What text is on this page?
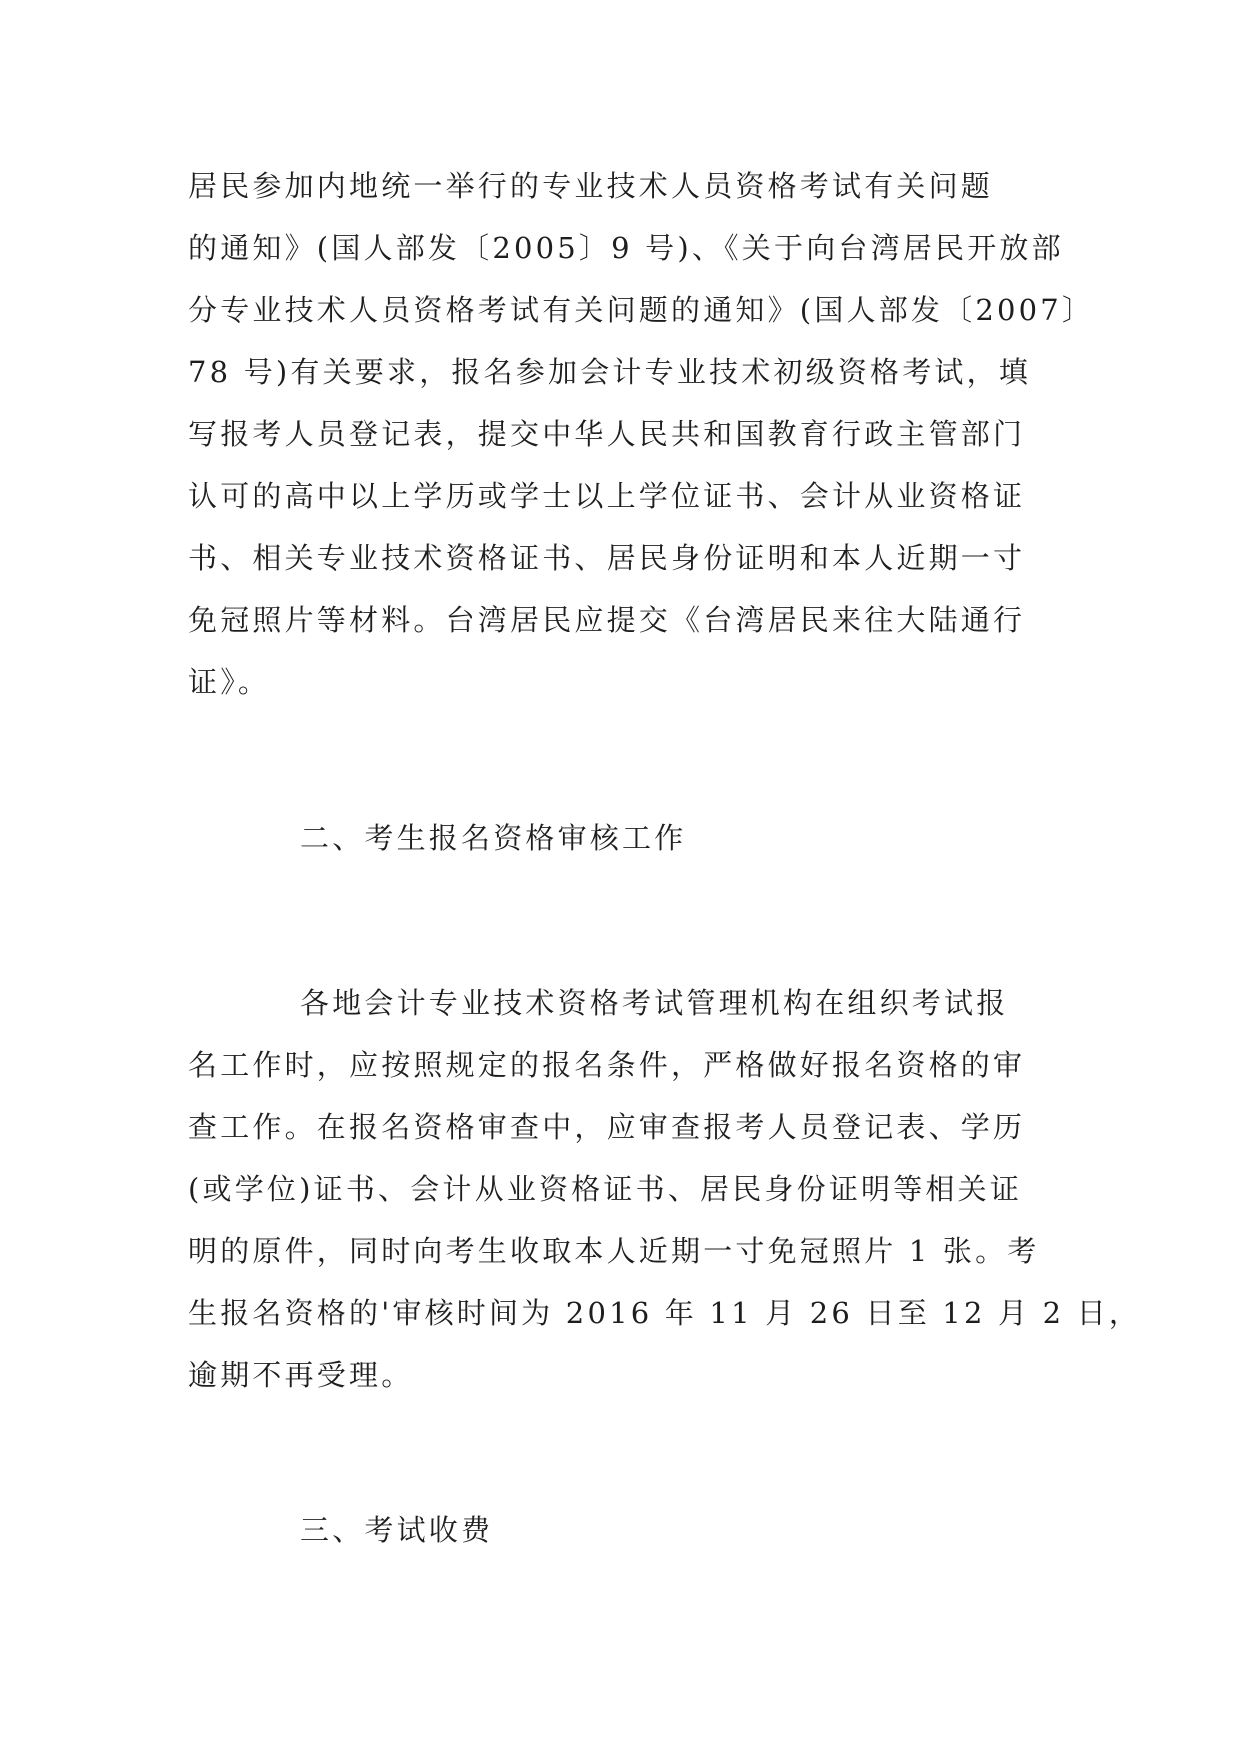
居民参加内地统一举行的专业技术人员资格考试有关问题
的通知》(国人部发〔2005〕9 号)、《关于向台湾居民开放部
分专业技术人员资格考试有关问题的通知》(国人部发〔2007〕
78 号)有关要求，报名参加会计专业技术初级资格考试，填
写报考人员登记表，提交中华人民共和国教育行政主管部门
认可的高中以上学历或学士以上学位证书、会计从业资格证
书、相关专业技术资格证书、居民身份证明和本人近期一寸
免冠照片等材料。台湾居民应提交《台湾居民来往大陆通行
证》。
二、考生报名资格审核工作
各地会计专业技术资格考试管理机构在组织考试报
名工作时，应按照规定的报名条件，严格做好报名资格的审
查工作。在报名资格审查中，应审查报考人员登记表、学历
(或学位)证书、会计从业资格证书、居民身份证明等相关证
明的原件，同时向考生收取本人近期一寸免冠照片 1 张。考
生报名资格的'审核时间为 2016 年 11 月 26 日至 12 月 2 日，
逾期不再受理。
三、考试收费
